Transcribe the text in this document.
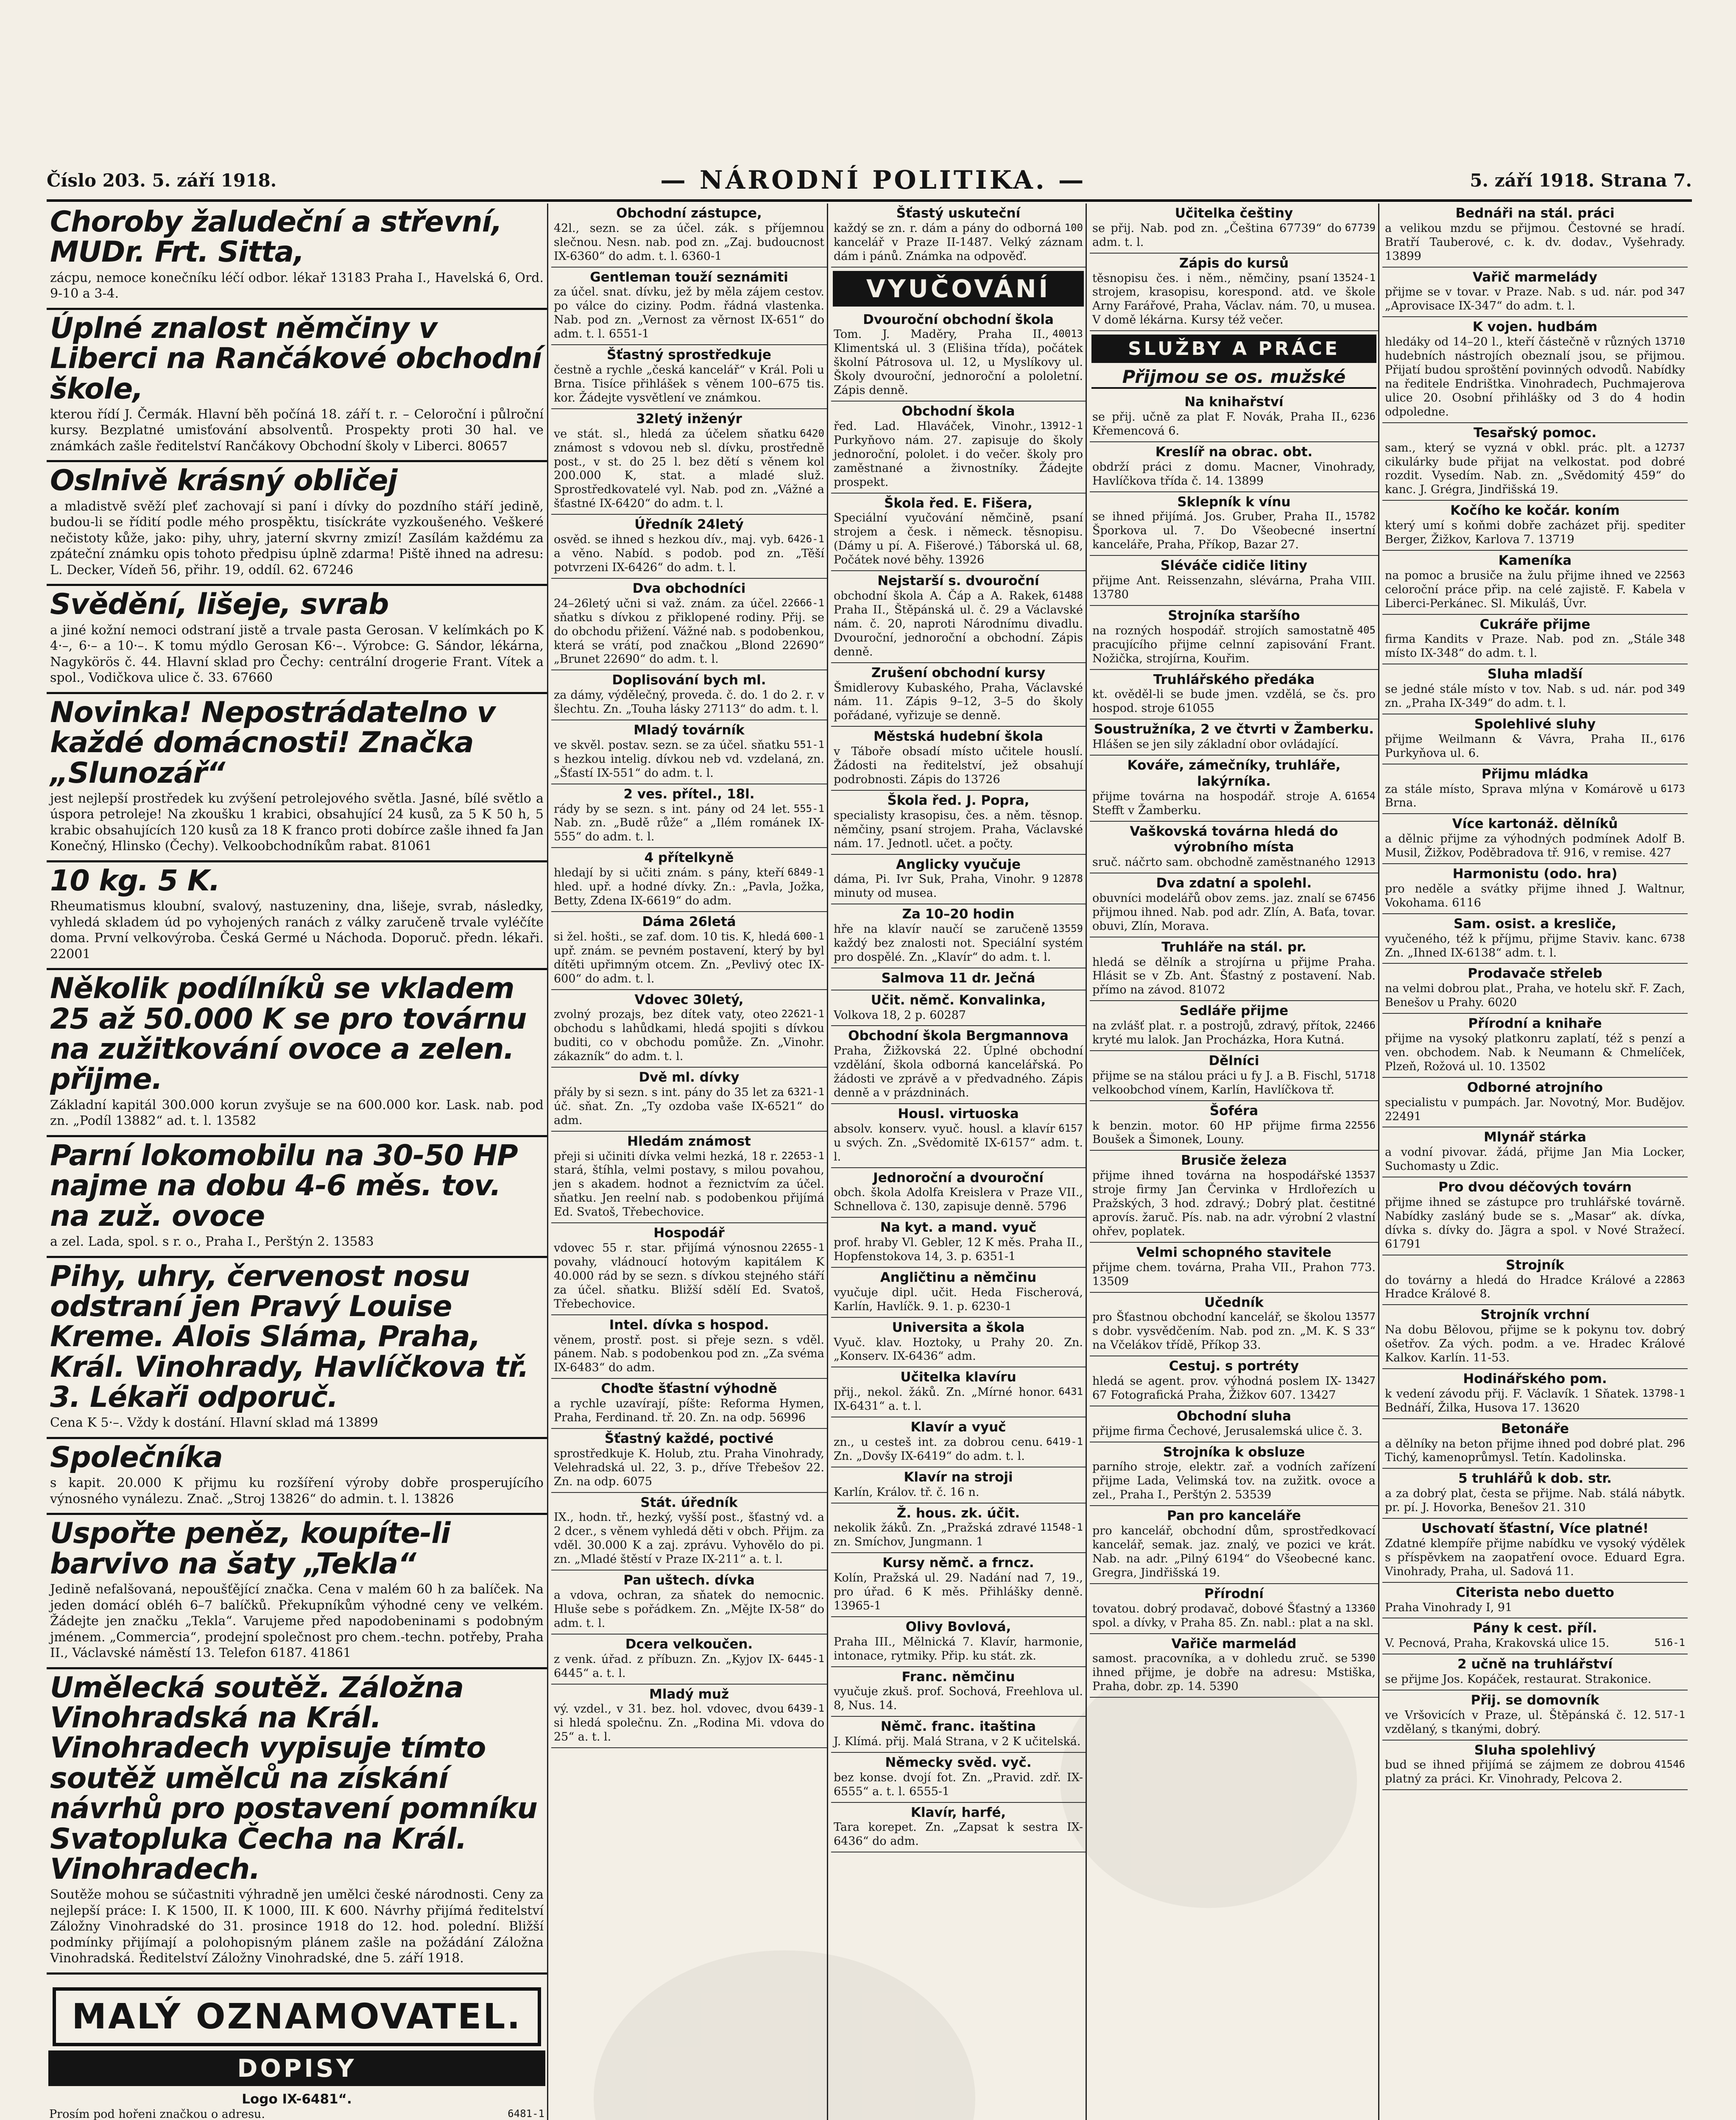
Číslo 203. 5. září 1918.	— NÁRODNÍ POLITIKA. —	5. září 1918. Strana 7.
Choroby žaludeční a střevní, MUDr. Frt. Sitta,
zácpu, nemoce konečníku léčí odbor. lékař 13183 Praha I., Havelská 6, Ord. 9-10 a 3-4.
Úplné znalost němčiny v Liberci na Rančákové obchodní škole,
kterou řídí J. Čermák. Hlavní běh počíná 18. září t. r. – Celoroční i půlroční kursy. Bezplatné umisťování absolventů. Prospekty proti 30 hal. ve známkách zašle ředitelství Rančákovy Obchodní školy v Liberci. 80657
Oslnivě krásný obličej
a mladistvě svěží pleť zachovají si paní i dívky do pozdního stáří jedině, budou-li se řídití podle mého prospěktu, tisíckráte vyzkoušeného. Veškeré nečistoty kůže, jako: pihy, uhry, jaterní skvrny zmizí! Zasílám každému za zpáteční známku opis tohoto předpisu úplně zdarma! Piště ihned na adresu: L. Decker, Vídeň 56, přihr. 19, oddíl. 62. 67246
Svědění, lišeje, svrab
a jiné kožní nemoci odstraní jistě a trvale pasta Gerosan. V kelímkách po K 4·–, 6·– a 10·–. K tomu mýdlo Gerosan K6·–. Výrobce: G. Sándor, lékárna, Nagykörös č. 44. Hlavní sklad pro Čechy: centrální drogerie Frant. Vítek a spol., Vodičkova ulice č. 33. 67660
Novinka! Nepostrádatelno v každé domácnosti! Značka „Slunozář“
jest nejlepší prostředek ku zvýšení petrolejového světla. Jasné, bílé světlo a úspora petroleje! Na zkoušku 1 krabici, obsahující 24 kusů, za 5 K 50 h, 5 krabic obsahujících 120 kusů za 18 K franco proti dobírce zašle ihned fa Jan Konečný, Hlinsko (Čechy). Velkoobchodníkům rabat. 81061
10 kg. 5 K.
Rheumatismus kloubní, svalový, nastuzeniny, dna, lišeje, svrab, následky, vyhledá skladem úd po vyhojených ranách z války zaručeně trvale vyléčíte doma. První velkovýroba. Česká Germé u Náchoda. Doporuč. předn. lékaři. 22001
Několik podílníků se vkladem 25 až 50.000 K se pro továrnu na zužitkování ovoce a zelen. přijme.
Základní kapitál 300.000 korun zvyšuje se na 600.000 kor. Lask. nab. pod zn. „Podíl 13882“ ad. t. l. 13582
Parní lokomobilu na 30-50 HP najme na dobu 4-6 měs. tov. na zuž. ovoce
a zel. Lada, spol. s r. o., Praha I., Perštýn 2. 13583
Pihy, uhry, červenost nosu odstraní jen Pravý Louise Kreme. Alois Sláma, Praha, Král. Vinohrady, Havlíčkova tř. 3. Lékaři odporuč.
Cena K 5·–. Vždy k dostání. Hlavní sklad má 13899
Společníka
s kapit. 20.000 K přijmu ku rozšíření výroby dobře prosperujícího výnosného vynálezu. Znač. „Stroj 13826“ do admin. t. l. 13826
Uspořte peněz, koupíte-li barvivo na šaty „Tekla“
Jedině nefalšovaná, nepoušťějící značka. Cena v malém 60 h za balíček. Na jeden domácí obléh 6–7 balíčků. Překupníkům výhodné ceny ve velkém. Žádejte jen značku „Tekla“. Varujeme před napodobeninami s podobným jménem. „Commercia“, prodejní společnost pro chem.-techn. potřeby, Praha II., Václavské náměstí 13. Telefon 6187. 41861
Umělecká soutěž. Záložna Vinohradská na Král. Vinohradech vypisuje tímto soutěž umělců na získání návrhů pro postavení pomníku Svatopluka Čecha na Král. Vinohradech.
Soutěže mohou se súčastniti výhradně jen umělci české národnosti. Ceny za nejlepší práce: I. K 1500, II. K 1000, III. K 600. Návrhy přijímá ředitelství Záložny Vinohradské do 31. prosince 1918 do 12. hod. polední. Bližší podmínky přijímají a polohopisným plánem zašle na požádání Záložna Vinohradská. Ředitelství Záložny Vinohradské, dne 5. září 1918.
MALÝ OZNAMOVATEL.
DOPISY
Logo IX-6481“.
6481-1
Prosím pod hořeni značkou o adresu.
Obchodní zástupce,
42l., sezn. se za účel. zák. s příjemnou slečnou. Nesn. nab. pod zn. „Zaj. budoucnost IX-6360“ do adm. t. l. 6360-1
Gentleman touží seznámiti
za účel. snat. dívku, jež by měla zájem cestov. po válce do ciziny. Podm. řádná vlastenka. Nab. pod zn. „Vernost za věrnost IX-651“ do adm. t. l. 6551-1
Šťastný sprostředkuje
čestně a rychle „česká kancelář“ v Král. Poli u Brna. Tisíce přihlášek s věnem 100–675 tis. kor. Žádejte vysvětlení ve známkou.
32letý inženýr
6420
ve stát. sl., hledá za účelem sňatku známost s vdovou neb sl. dívku, prostředně post., v st. do 25 l. bez dětí s věnem kol 200.000 K, stat. a mladé služ. Sprostředkovatelé vyl. Nab. pod zn. „Vážné a šťastné IX-6420“ do adm. t. l.
Úředník 24letý
6426-1
osvěd. se ihned s hezkou dív., maj. vyb. a věno. Nabíd. s podob. pod zn. „Těší potvrzeni IX-6426“ do adm. t. l.
Dva obchodníci
22666-1
24–26letý učni si važ. znám. za účel. sňatku s dívkou z přiklopené rodiny. Přij. se do obchodu přižení. Vážné nab. s podobenkou, která se vrátí, pod značkou „Blond 22690“ „Brunet 22690“ do adm. t. l.
Doplisování bych ml.
za dámy, výdělečný, proveda. č. do. 1 do 2. r. v šlechtu. Zn. „Touha lásky 27113“ do adm. t. l.
Mladý továrník
551-1
ve skvěl. postav. sezn. se za účel. sňatku s hezkou intelig. dívkou neb vd. vzdelaná, zn. „Šťastí IX-551“ do adm. t. l.
2 ves. přítel., 18l.
555-1
rády by se sezn. s int. pány od 24 let. Nab. zn. „Budě růže“ a „Ilém románek IX-555“ do adm. t. l.
4 přítelkyně
6849-1
hledají by si učiti znám. s pány, kteří hled. upř. a hodné dívky. Zn.: „Pavla, Jožka, Betty, Zdena IX-6619“ do adm.
Dáma 26letá
600-1
si žel. hošti., se zaf. dom. 10 tis. K, hledá upř. znám. se pevném postavení, který by byl dítěti upřimným otcem. Zn. „Pevlivý otec IX-600“ do adm. t. l.
Vdovec 30letý,
22621-1
zvolný prozajs, bez dítek vaty, oteo obchodu s lahůdkami, hledá spojiti s dívkou buditi, co v obchodu pomůže. Zn. „Vinohr. zákazník“ do adm. t. l.
Dvě ml. dívky
6321-1
přály by si sezn. s int. pány do 35 let za úč. sňat. Zn. „Ty ozdoba vaše IX-6521“ do adm.
Hledám známost
22653-1
přeji si učiniti dívka velmi hezká, 18 r. stará, štíhla, velmi postavy, s milou povahou, jen s akadem. hodnot a řeznictvím za účel. sňatku. Jen reelní nab. s podobenkou přijímá Ed. Svatoš, Třebechovice.
Hospodář
22655-1
vdovec 55 r. star. přijímá výnosnou povahy, vládnoucí hotovým kapitálem K 40.000 rád by se sezn. s dívkou stejného stáří za účel. sňatku. Bližší sdělí Ed. Svatoš, Třebechovice.
Intel. dívka s hospod.
věnem, prostř. post. si přeje sezn. s vděl. pánem. Nab. s podobenkou pod zn. „Za svéma IX-6483“ do adm.
Choďte šťastní výhodně
a rychle uzavírají, píšte: Reforma Hymen, Praha, Ferdinand. tř. 20. Zn. na odp. 56996
Šťastný každé, poctivé
sprostředkuje K. Holub, ztu. Praha Vinohrady, Velehradská ul. 22, 3. p., dříve Třebešov 22. Zn. na odp. 6075
Stát. úředník
IX., hodn. tř., hezký, vyšší post., šťastný vd. a 2 dcer., s věnem vyhledá děti v obch. Přijm. za vděl. 30.000 K a zaj. zprávu. Vyhovělo do pi. zn. „Mladé štěstí v Praze IX-211“ a. t. l.
Pan uštech. dívka
a vdova, ochran, za sňatek do nemocnic. Hluše sebe s pořádkem. Zn. „Mějte IX-58“ do adm. t. l.
Dcera velkoučen.
6445-1
z venk. úřad. z příbuzn. Zn. „Kyjov IX-6445“ a. t. l.
Mladý muž
6439-1
vý. vzdel., v 31. bez. hol. vdovec, dvou si hledá společnu. Zn. „Rodina Mi. vdova do 25“ a. t. l.
Šťastý uskuteční
100
každý se zn. r. dám a pány do odborná kancelář v Praze II-1487. Velký záznam dám i pánů. Známka na odpověď.
VYUČOVÁNÍ
Dvouroční obchodní škola
40013
Tom. J. Maděry, Praha II., Klimentská ul. 3 (Elišina třída), počátek školní Pátrosova ul. 12, u Myslíkovy ul. Školy dvouroční, jednoroční a pololetní. Zápis denně.
Obchodní škola
13912-1
řed. Lad. Hlaváček, Vinohr., Purkyňovo nám. 27. zapisuje do školy jednoroční, pololet. i do večer. školy pro zaměstnané a živnostníky. Žádejte prospekt.
Škola řed. E. Fišera,
Speciální vyučování němčině, psaní strojem a česk. i německ. těsnopisu. (Dámy u pí. A. Fišerové.) Táborská ul. 68, Počátek nové běhy. 13926
Nejstarší s. dvouroční
61488
obchodní škola A. Čáp a A. Rakek, Praha II., Štěpánská ul. č. 29 a Václavské nám. č. 20, naproti Národnímu divadlu. Dvouroční, jednoroční a obchodní. Zápis denně.
Zrušení obchodní kursy
Šmidlerovy Kubaského, Praha, Václavské nám. 11. Zápis 9–12, 3–5 do školy pořádané, vyřizuje se denně.
Městská hudební škola
v Táboře obsadí místo učitele houslí. Žádosti na ředitelství, jež obsahují podrobnosti. Zápis do 13726
Škola řed. J. Popra,
specialisty krasopisu, čes. a něm. těsnop. němčiny, psaní strojem. Praha, Václavské nám. 17. Jednotl. učet. a počty.
Anglicky vyučuje
12878
dáma, Pi. Ivr Suk, Praha, Vinohr. 9 minuty od musea.
Za 10–20 hodin
13559
hře na klavír naučí se zaručeně každý bez znalosti not. Speciální systém pro dospělé. Zn. „Klavír“ do adm. t. l.
Salmova 11 dr. Ječná
Učit. němč. Konvalinka,
Volkova 18, 2 p. 60287
Obchodní škola Bergmannova
Praha, Žižkovská 22. Úplné obchodní vzdělání, škola odborná kancelářská. Po žádosti ve zprávě a v předvadného. Zápis denně a v prázdninách.
Housl. virtuoska
6157
absolv. konserv. vyuč. housl. a klavír u svých. Zn. „Svědomitě IX-6157“ adm. t. l.
Jednoroční a dvouroční
obch. škola Adolfa Kreislera v Praze VII., Schnellova č. 130, zapisuje denně. 5796
Na kyt. a mand. vyuč
prof. hraby Vl. Gebler, 12 K měs. Praha II., Hopfenstokova 14, 3. p. 6351-1
Angličtinu a němčinu
vyučuje dipl. učit. Heda Fischerová, Karlín, Havlíčk. 9. 1. p. 6230-1
Universita a škola
Vyuč. klav. Hoztoky, u Prahy 20. Zn. „Konserv. IX-6436“ adm.
Učitelka klavíru
6431
přij., nekol. žáků. Zn. „Mírné honor. IX-6431“ a. t. l.
Klavír a vyuč
6419-1
zn., u cesteš int. za dobrou cenu. Zn. „Dovšy IX-6419“ do adm. t. l.
Klavír na stroji
Karlín, Králov. tř. č. 16 n.
Ž. hous. zk. účit.
11548-1
nekolik žáků. Zn. „Pražská zdravé zn. Smíchov, Jungmann. 1
Kursy němč. a frncz.
Kolín, Pražská ul. 29. Nadání nad 7, 19., pro úřad. 6 K měs. Přihlášky denně. 13965-1
Olivy Bovlová,
Praha III., Mělnická 7. Klavír, harmonie, intonace, rytmiky. Přip. ku stát. zk.
Franc. němčinu
vyučuje zkuš. prof. Sochová, Freehlova ul. 8, Nus. 14.
Němč. franc. itaština
J. Klímá. přij. Malá Strana, v 2 K učitelská.
Německy svěd. vyč.
bez konse. dvojí fot. Zn. „Pravid. zdř. IX-6555“ a. t. l. 6555-1
Klavír, harfé,
Tara korepet. Zn. „Zapsat k sestra IX-6436“ do adm.
Učitelka češtiny
67739
se přij. Nab. pod zn. „Čeština 67739“ do adm. t. l.
Zápis do kursů
13524-1
těsnopisu čes. i něm., němčiny, psaní strojem, krasopisu, korespond. atd. ve škole Arny Farářové, Praha, Václav. nám. 70, u musea. V domě lékárna. Kursy též večer.
SLUŽBY A PRÁCE
Přijmou se os. mužské
Na knihařství
6236
se přij. učně za plat F. Novák, Praha II., Křemencová 6.
Kreslíř na obrac. obt.
obdrží práci z domu. Macner, Vinohrady, Havlíčkova třída č. 14. 13899
Sklepník k vínu
15782
se ihned přijímá. Jos. Gruber, Praha II., Šporkova ul. 7. Do Všeobecné insertní kanceláře, Praha, Příkop, Bazar 27.
Sléváče cidiče litiny
přijme Ant. Reissenzahn, slévárna, Praha VIII. 13780
Strojníka staršího
405
na rozných hospodář. strojích samostatně pracujícího přijme celnní zapisování Frant. Nožička, strojírna, Kouřim.
Truhlářského předáka
kt. ověděl-li se bude jmen. vzdělá, se čs. pro hospod. stroje 61055
Soustružníka, 2 ve čtvrti v Žamberku.
Hlášen se jen sily základní obor ovládající.
Kováře, zámečníky, truhláře, lakýrníka.
61654
přijme továrna na hospodář. stroje A. Stefft v Žamberku.
Vaškovská továrna hledá do výrobního místa
12913
sruč. náčrto sam. obchodně zaměstnaného
Dva zdatní a spolehl.
67456
obuvníci modelářů obov zems. jaz. znalí se přijmou ihned. Nab. pod adr. Zlín, A. Baťa, tovar. obuvi, Zlín, Morava.
Truhláře na stál. pr.
hledá se dělník a strojírna u přijme Praha. Hlásit se v Zb. Ant. Šťastný z postavení. Nab. přímo na závod. 81072
Sedláře přijme
22466
na zvlášť plat. r. a postrojů, zdravý, přítok, kryté mu lalok. Jan Procházka, Hora Kutná.
Dělníci
51718
přijme se na stálou práci u fy J. a B. Fischl, velkoobchod vínem, Karlín, Havlíčkova tř.
Šoféra
22556
k benzin. motor. 60 HP přijme firma Boušek a Šimonek, Louny.
Brusiče železa
13537
přijme ihned továrna na hospodářské stroje firmy Jan Červinka v Hrdlořezích u Pražských, 3 hod. zdravý.; Dobrý plat. čestitné aprovís. žaruč. Pís. nab. na adr. výrobní 2 vlastní ohřev, poplatek.
Velmi schopného stavitele
přijme chem. továrna, Praha VII., Prahon 773. 13509
Učedník
13577
pro Šťastnou obchodní kancelář, se školou s dobr. vysvědčením. Nab. pod zn. „M. K. S 33“ na Včelákov třídě, Příkop 33.
Cestuj. s portréty
13427
hledá se agent. prov. výhodná poslem IX-67 Fotografická Praha, Žižkov 607. 13427
Obchodní sluha
přijme firma Čechové, Jerusalemská ulice č. 3.
Strojníka k obsluze
parního stroje, elektr. zař. a vodních zařízení přijme Lada, Velimská tov. na zužitk. ovoce a zel., Praha I., Perštýn 2. 53539
Pan pro kanceláře
pro kancelář, obchodní dům, sprostředkovací kancelář, semak. jaz. znalý, ve pozici ve krát. Nab. na adr. „Pilný 6194“ do Všeobecné kanc. Gregra, Jindřišská 19.
Přírodní
13360
tovatou. dobrý prodavač, dobové Šťastný a spol. a dívky, v Praha 85. Zn. nabl.: plat a na skl.
Vařiče marmelád
5390
samost. pracovníka, a v dohledu zruč. se ihned přijme, je dobře na adresu: Mstiška, Praha, dobr. zp. 14. 5390
Bednáři na stál. práci
a velikou mzdu se přijmou. Čestovné se hradí. Bratří Tauberové, c. k. dv. dodav., Vyšehrady. 13899
Vařič marmelády
347
přijme se v tovar. v Praze. Nab. s ud. nár. pod „Aprovisace IX-347“ do adm. t. l.
K vojen. hudbám
13710
hledáky od 14–20 l., kteří částečně v různých hudebních nástrojích obeznalí jsou, se přijmou. Přijatí budou sproštění povinných odvodů. Nabídky na ředitele Endrištka. Vinohradech, Puchmajerova ulice 20. Osobní přihlášky od 3 do 4 hodin odpoledne.
Tesařský pomoc.
12737
sam., který se vyzná v obkl. prác. plt. a cikulárky bude přijat na velkostat. pod dobré rozdit. Vysedím. Nab. zn. „Svědomitý 459“ do kanc. J. Grégra, Jindřišská 19.
Kočího ke kočár. koním
který umí s koňmi dobře zacházet přij. spediter Berger, Žižkov, Karlova 7. 13719
Kameníka
22563
na pomoc a brusiče na žulu přijme ihned ve celoroční práce přip. na celé zajistě. F. Kabela v Liberci-Perkánec. Sl. Mikuláš, Úvr.
Cukráře přijme
348
firma Kandits v Praze. Nab. pod zn. „Stále místo IX-348“ do adm. t. l.
Sluha mladší
349
se jedné stále místo v tov. Nab. s ud. nár. pod zn. „Praha IX-349“ do adm. t. l.
Spolehlivé sluhy
6176
přijme Weilmann & Vávra, Praha II., Purkyňova ul. 6.
Přijmu mládka
6173
za stále místo, Sprava mlýna v Komárově u Brna.
Více kartonáž. dělníků
a dělnic přijme za výhodných podmínek Adolf B. Musil, Žižkov, Poděbradova tř. 916, v remise. 427
Harmonistu (odo. hra)
pro neděle a svátky přijme ihned J. Waltnur, Vokohama. 6116
Sam. osist. a kresliče,
6738
vyučeného, též k příjmu, přijme Staviv. kanc. Zn. „Ihned IX-6138“ adm. t. l.
Prodavače střeleb
na velmi dobrou plat., Praha, ve hotelu skř. F. Zach, Benešov u Prahy. 6020
Přírodní a knihaře
přijme na vysoký platkonru zaplatí, též s penzí a ven. obchodem. Nab. k Neumann & Chmelíček, Plzeň, Rožová ul. 10. 13502
Odborné atrojního
specialistu v pumpách. Jar. Novotný, Mor. Budějov. 22491
Mlynář stárka
a vodní pivovar. žádá, přijme Jan Mia Locker, Suchomasty u Zdic.
Pro dvou déčových továrn
přijme ihned se zástupce pro truhlářské továrně. Nabídky zasláný bude se s. „Masar“ ak. dívka, dívka s. dívky do. Jägra a spol. v Nové Stražecí. 61791
Strojník
22863
do továrny a hledá do Hradce Králové a Hradce Králové 8.
Strojník vrchní
Na dobu Bělovou, přijme se k pokynu tov. dobrý ošetřov. Za vých. podm. a ve. Hradec Králové Kalkov. Karlín. 11-53.
Hodinářského pom.
13798-1
k vedení závodu přij. F. Václavík. 1 Sňatek. Bednáří, Žilka, Husova 17. 13620
Betonáře
296
a dělníky na beton přijme ihned pod dobré plat. Tichý, kamenoprůmysl. Tetín. Kadolinska.
5 truhlářů k dob. str.
a za dobrý plat, česta se přijme. Nab. stálá nábytk. pr. pí. J. Hovorka, Benešov 21. 310
Uschovatí šťastní, Více platné!
Zdatné klempíře přijme nabídku ve vysoký výdělek s příspěvkem na zaopatření ovoce. Eduard Egra. Vinohrady, Praha, ul. Sadová 11.
Citerista nebo duetto
Praha Vinohrady I, 91
Pány k cest. příl.
516-1
V. Pecnová, Praha, Krakovská ulice 15.
2 učně na truhlářství
se přijme Jos. Kopáček, restaurat. Strakonice.
Přij. se domovník
517-1
ve Vršovicích v Praze, ul. Štěpánská č. 12. vzdělaný, s tkanými, dobrý.
Sluha spolehlivý
41546
bud se ihned přijímá se zájmem ze dobrou platný za práci. Kr. Vinohrady, Pelcova 2.
